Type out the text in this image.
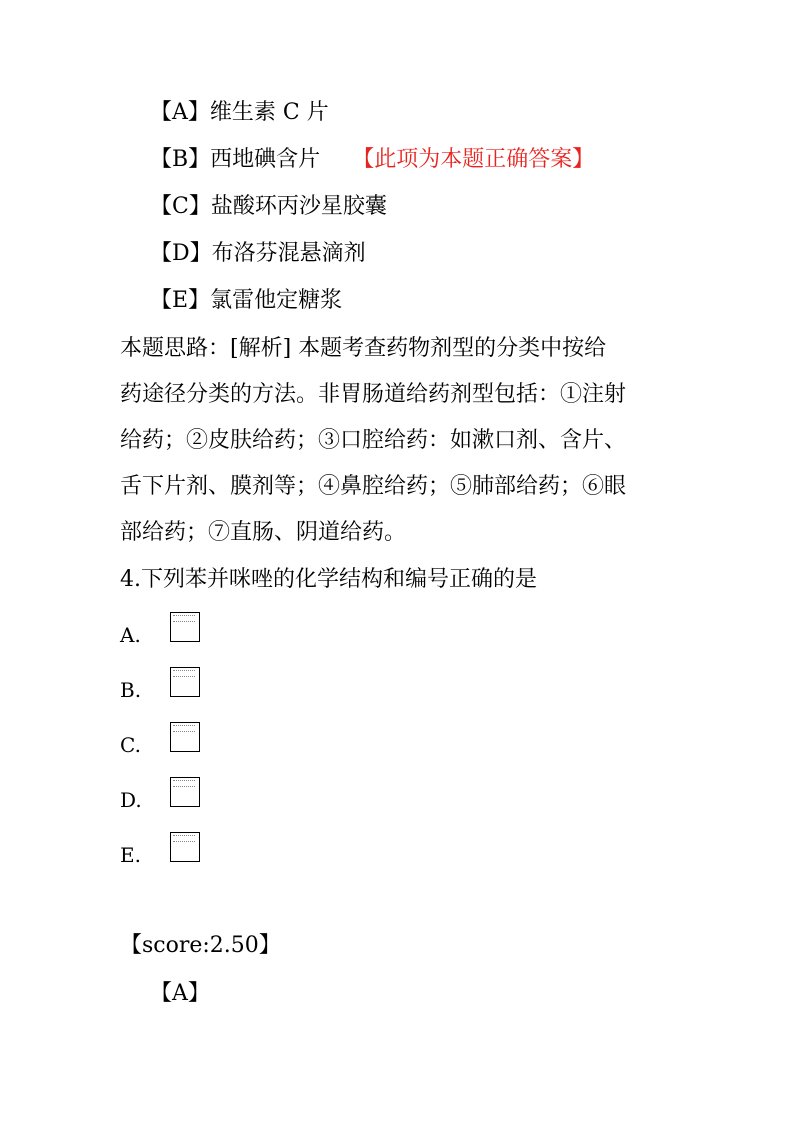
【A】维生素 C 片
【B】西地碘含片 【此项为本题正确答案】
【C】盐酸环丙沙星胶囊
【D】布洛芬混悬滴剂
【E】氯雷他定糖浆
本题思路：[解析] 本题考查药物剂型的分类中按给
药途径分类的方法。非胃肠道给药剂型包括：①注射
给药；②皮肤给药；③口腔给药：如漱口剂、含片、
舌下片剂、膜剂等；④鼻腔给药；⑤肺部给药；⑥眼
部给药；⑦直肠、阴道给药。
4.下列苯并咪唑的化学结构和编号正确的是
A.
B.
C.
D.
E.
【score:2.50】
【A】
